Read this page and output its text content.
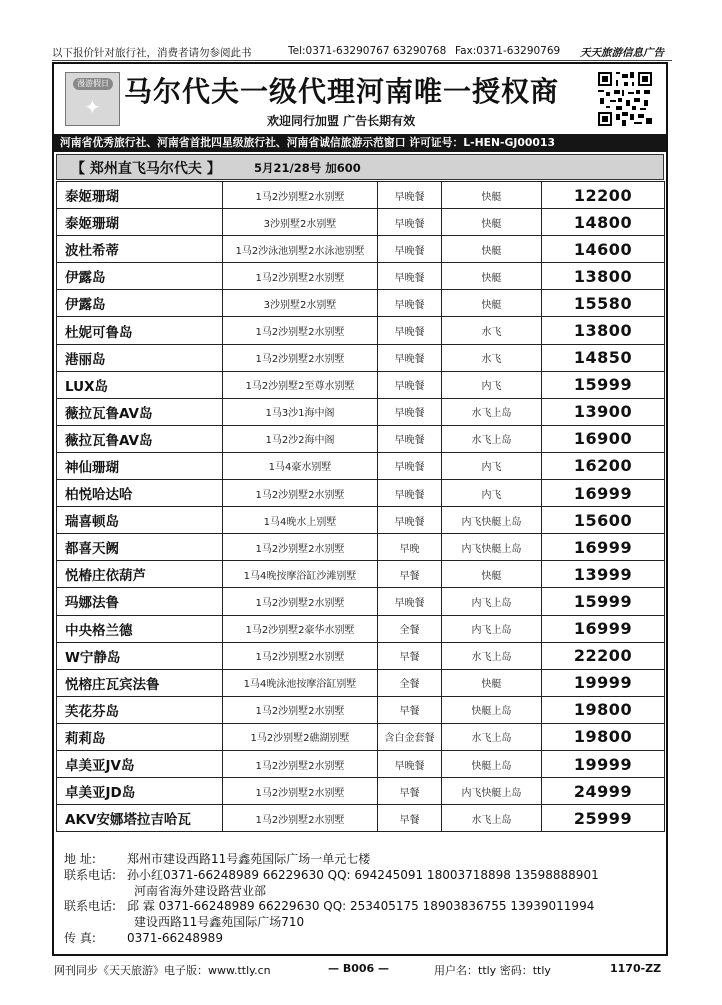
以下报价针对旅行社，消费者请勿参阅此书	Tel:0371-63290767 63290768 Fax:0371-63290769 天天旅游信息广告
漫游假日
✦ 马尔代夫一级代理河南唯一授权商
欢迎同行加盟 广告长期有效
河南省优秀旅行社、河南省首批四星级旅行社、河南省诚信旅游示范窗口 许可证号：L-HEN-GJ00013
【 郑州直飞马尔代夫 】	5月21/28号 加600
泰姬珊瑚	1马2沙别墅2水别墅	早晚餐	快艇	12200
泰姬珊瑚	3沙别墅2水别墅	早晚餐	快艇	14800
波杜希蒂	1马2沙泳池别墅2水泳池别墅	早晚餐	快艇	14600
伊露岛	1马2沙别墅2水别墅	早晚餐	快艇	13800
伊露岛	3沙别墅2水别墅	早晚餐	快艇	15580
杜妮可鲁岛	1马2沙别墅2水别墅	早晚餐	水飞	13800
港丽岛	1马2沙别墅2水别墅	早晚餐	水飞	14850
LUX岛	1马2沙别墅2至尊水别墅	早晚餐	内飞	15999
薇拉瓦鲁AV岛	1马3沙1海中阁	早晚餐	水飞上岛	13900
薇拉瓦鲁AV岛	1马2沙2海中阁	早晚餐	水飞上岛	16900
神仙珊瑚	1马4豪水别墅	早晚餐	内飞	16200
柏悦哈达哈	1马2沙别墅2水别墅	早晚餐	内飞	16999
瑞喜顿岛	1马4晚水上别墅	早晚餐	内飞快艇上岛	15600
都喜天阙	1马2沙别墅2水别墅	早晚	内飞快艇上岛	16999
悦椿庄依葫芦	1马4晚按摩浴缸沙滩别墅	早餐	快艇	13999
玛娜法鲁	1马2沙别墅2水别墅	早晚餐	内飞上岛	15999
中央格兰德	1马2沙别墅2豪华水别墅	全餐	内飞上岛	16999
W宁静岛	1马2沙别墅2水别墅	早餐	水飞上岛	22200
悦榕庄瓦宾法鲁	1马4晚泳池按摩浴缸别墅	全餐	快艇	19999
芙花芬岛	1马2沙别墅2水别墅	早餐	快艇上岛	19800
莉莉岛	1马2沙别墅2礁湖别墅	含白金套餐	水飞上岛	19800
卓美亚JV岛	1马2沙别墅2水别墅	早晚餐	快艇上岛	19999
卓美亚JD岛	1马2沙别墅2水别墅	早餐	内飞快艇上岛	24999
AKV安娜塔拉吉哈瓦	1马2沙别墅2水别墅	早餐	水飞上岛	25999
地 址:	郑州市建设西路11号鑫苑国际广场一单元七楼
联系电话: 孙小红0371-66248989 66229630 QQ: 694245091 18003718898 13598888901
河南省海外建设路营业部
联系电话: 邱 霖 0371-66248989 66229630 QQ: 253405175 18903836755 13939011994
建设西路11号鑫苑国际广场710
传 真:	0371-66248989
网刊同步《天天旅游》电子版：www.ttly.cn	— B006 —	用户名：ttly 密码：ttly	1170-ZZ
